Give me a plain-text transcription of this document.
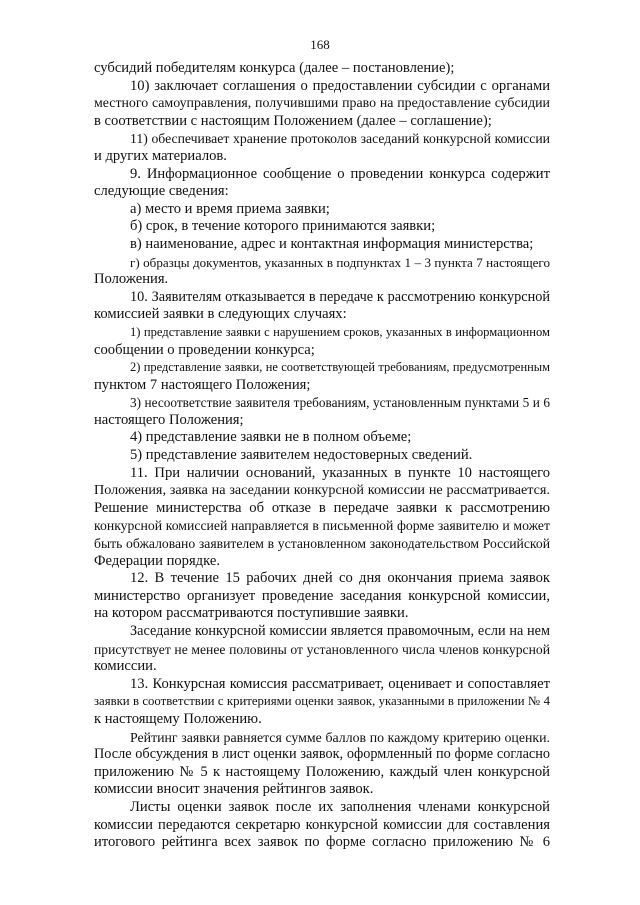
168
субсидий победителям конкурса (далее – постановление);
10) заключает соглашения о предоставлении субсидии с органами
местного самоуправления, получившими право на предоставление субсидии
в соответствии с настоящим Положением (далее – соглашение);
11) обеспечивает хранение протоколов заседаний конкурсной комиссии
и других материалов.
9. Информационное сообщение о проведении конкурса содержит
следующие сведения:
а) место и время приема заявки;
б) срок, в течение которого принимаются заявки;
в) наименование, адрес и контактная информация министерства;
г) образцы документов, указанных в подпунктах 1 – 3 пункта 7 настоящего
Положения.
10. Заявителям отказывается в передаче к рассмотрению конкурсной
комиссией заявки в следующих случаях:
1) представление заявки с нарушением сроков, указанных в информационном
сообщении о проведении конкурса;
2) представление заявки, не соответствующей требованиям, предусмотренным
пунктом 7 настоящего Положения;
3) несоответствие заявителя требованиям, установленным пунктами 5 и 6
настоящего Положения;
4) представление заявки не в полном объеме;
5) представление заявителем недостоверных сведений.
11. При наличии оснований, указанных в пункте 10 настоящего
Положения, заявка на заседании конкурсной комиссии не рассматривается.
Решение министерства об отказе в передаче заявки к рассмотрению
конкурсной комиссией направляется в письменной форме заявителю и может
быть обжаловано заявителем в установленном законодательством Российской
Федерации порядке.
12. В течение 15 рабочих дней со дня окончания приема заявок
министерство организует проведение заседания конкурсной комиссии,
на котором рассматриваются поступившие заявки.
Заседание конкурсной комиссии является правомочным, если на нем
присутствует не менее половины от установленного числа членов конкурсной
комиссии.
13. Конкурсная комиссия рассматривает, оценивает и сопоставляет
заявки в соответствии с критериями оценки заявок, указанными в приложении № 4
к настоящему Положению.
Рейтинг заявки равняется сумме баллов по каждому критерию оценки.
После обсуждения в лист оценки заявок, оформленный по форме согласно
приложению № 5 к настоящему Положению, каждый член конкурсной
комиссии вносит значения рейтингов заявок.
Листы оценки заявок после их заполнения членами конкурсной
комиссии передаются секретарю конкурсной комиссии для составления
итогового рейтинга всех заявок по форме согласно приложению № 6
